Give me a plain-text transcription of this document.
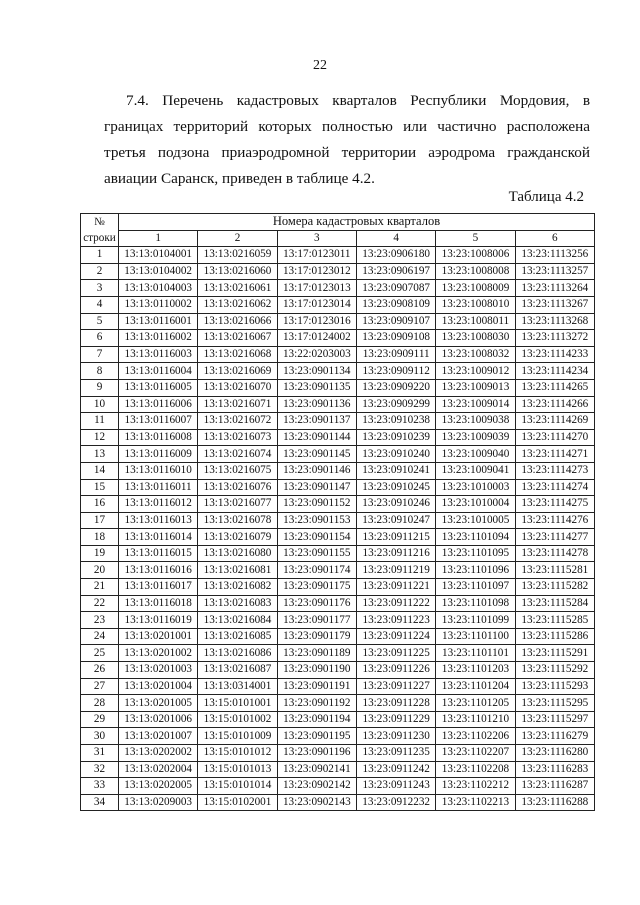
22

7.4. Перечень кадастровых кварталов Республики Мордовия, в границах территорий которых полностью или частично расположена третья подзона приаэродромной территории аэродрома гражданской авиации Саранск, приведен в таблице 4.2.

Таблица 4.2
№	Номера кадастровых кварталов					
строки	1	2	3	4	5	6
1	13:13:0104001	13:13:0216059	13:17:0123011	13:23:0906180	13:23:1008006	13:23:1113256
2	13:13:0104002	13:13:0216060	13:17:0123012	13:23:0906197	13:23:1008008	13:23:1113257
3	13:13:0104003	13:13:0216061	13:17:0123013	13:23:0907087	13:23:1008009	13:23:1113264
4	13:13:0110002	13:13:0216062	13:17:0123014	13:23:0908109	13:23:1008010	13:23:1113267
5	13:13:0116001	13:13:0216066	13:17:0123016	13:23:0909107	13:23:1008011	13:23:1113268
6	13:13:0116002	13:13:0216067	13:17:0124002	13:23:0909108	13:23:1008030	13:23:1113272
7	13:13:0116003	13:13:0216068	13:22:0203003	13:23:0909111	13:23:1008032	13:23:1114233
8	13:13:0116004	13:13:0216069	13:23:0901134	13:23:0909112	13:23:1009012	13:23:1114234
9	13:13:0116005	13:13:0216070	13:23:0901135	13:23:0909220	13:23:1009013	13:23:1114265
10	13:13:0116006	13:13:0216071	13:23:0901136	13:23:0909299	13:23:1009014	13:23:1114266
11	13:13:0116007	13:13:0216072	13:23:0901137	13:23:0910238	13:23:1009038	13:23:1114269
12	13:13:0116008	13:13:0216073	13:23:0901144	13:23:0910239	13:23:1009039	13:23:1114270
13	13:13:0116009	13:13:0216074	13:23:0901145	13:23:0910240	13:23:1009040	13:23:1114271
14	13:13:0116010	13:13:0216075	13:23:0901146	13:23:0910241	13:23:1009041	13:23:1114273
15	13:13:0116011	13:13:0216076	13:23:0901147	13:23:0910245	13:23:1010003	13:23:1114274
16	13:13:0116012	13:13:0216077	13:23:0901152	13:23:0910246	13:23:1010004	13:23:1114275
17	13:13:0116013	13:13:0216078	13:23:0901153	13:23:0910247	13:23:1010005	13:23:1114276
18	13:13:0116014	13:13:0216079	13:23:0901154	13:23:0911215	13:23:1101094	13:23:1114277
19	13:13:0116015	13:13:0216080	13:23:0901155	13:23:0911216	13:23:1101095	13:23:1114278
20	13:13:0116016	13:13:0216081	13:23:0901174	13:23:0911219	13:23:1101096	13:23:1115281
21	13:13:0116017	13:13:0216082	13:23:0901175	13:23:0911221	13:23:1101097	13:23:1115282
22	13:13:0116018	13:13:0216083	13:23:0901176	13:23:0911222	13:23:1101098	13:23:1115284
23	13:13:0116019	13:13:0216084	13:23:0901177	13:23:0911223	13:23:1101099	13:23:1115285
24	13:13:0201001	13:13:0216085	13:23:0901179	13:23:0911224	13:23:1101100	13:23:1115286
25	13:13:0201002	13:13:0216086	13:23:0901189	13:23:0911225	13:23:1101101	13:23:1115291
26	13:13:0201003	13:13:0216087	13:23:0901190	13:23:0911226	13:23:1101203	13:23:1115292
27	13:13:0201004	13:13:0314001	13:23:0901191	13:23:0911227	13:23:1101204	13:23:1115293
28	13:13:0201005	13:15:0101001	13:23:0901192	13:23:0911228	13:23:1101205	13:23:1115295
29	13:13:0201006	13:15:0101002	13:23:0901194	13:23:0911229	13:23:1101210	13:23:1115297
30	13:13:0201007	13:15:0101009	13:23:0901195	13:23:0911230	13:23:1102206	13:23:1116279
31	13:13:0202002	13:15:0101012	13:23:0901196	13:23:0911235	13:23:1102207	13:23:1116280
32	13:13:0202004	13:15:0101013	13:23:0902141	13:23:0911242	13:23:1102208	13:23:1116283
33	13:13:0202005	13:15:0101014	13:23:0902142	13:23:0911243	13:23:1102212	13:23:1116287
34	13:13:0209003	13:15:0102001	13:23:0902143	13:23:0912232	13:23:1102213	13:23:1116288
